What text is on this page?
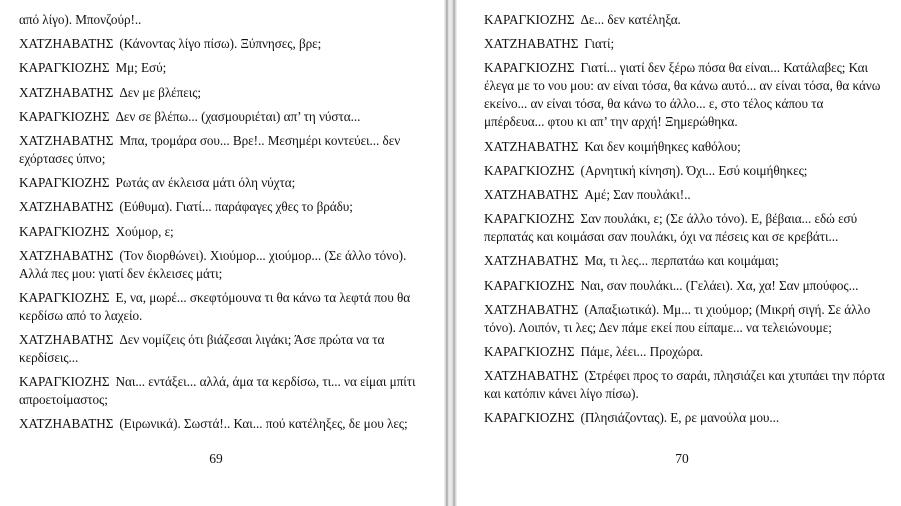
από λίγο). Μπονζούρ!..

ΧΑΤΖΗΑΒΑΤΗΣ (Κάνοντας λίγο πίσω). Ξύπνησες, βρε;

ΚΑΡΑΓΚΙΟΖΗΣ Μμ; Εσύ;

ΧΑΤΖΗΑΒΑΤΗΣ Δεν με βλέπεις;

ΚΑΡΑΓΚΙΟΖΗΣ Δεν σε βλέπω... (χασμουριέται) απ’ τη νύστα...

ΧΑΤΖΗΑΒΑΤΗΣ Μπα, τρομάρα σου... Βρε!.. Μεσημέρι κοντεύει... δεν εχόρτασες ύπνο;

ΚΑΡΑΓΚΙΟΖΗΣ Ρωτάς αν έκλεισα μάτι όλη νύχτα;

ΧΑΤΖΗΑΒΑΤΗΣ (Εύθυμα). Γιατί... παράφαγες χθες το βράδυ;

ΚΑΡΑΓΚΙΟΖΗΣ Χούμορ, ε;

ΧΑΤΖΗΑΒΑΤΗΣ (Τον διορθώνει). Χιούμορ... χιούμορ... (Σε άλλο τόνο). Αλλά πες μου: γιατί δεν έκλεισες μάτι;

ΚΑΡΑΓΚΙΟΖΗΣ Ε, να, μωρέ... σκεφτόμουνα τι θα κάνω τα λεφτά που θα κερδίσω από το λαχείο.

ΧΑΤΖΗΑΒΑΤΗΣ Δεν νομίζεις ότι βιάζεσαι λιγάκι; Άσε πρώτα να τα κερδίσεις...

ΚΑΡΑΓΚΙΟΖΗΣ Ναι... εντάξει... αλλά, άμα τα κερδίσω, τι... να είμαι μπίτι απροετοίμαστος;

ΧΑΤΖΗΑΒΑΤΗΣ (Ειρωνικά). Σωστά!.. Και... πού κατέληξες, δε μου λες;

69

ΚΑΡΑΓΚΙΟΖΗΣ Δε... δεν κατέληξα.

ΧΑΤΖΗΑΒΑΤΗΣ Γιατί;

ΚΑΡΑΓΚΙΟΖΗΣ Γιατί... γιατί δεν ξέρω πόσα θα είναι... Κατάλαβες; Και έλεγα με το νου μου: αν είναι τόσα, θα κάνω αυτό... αν είναι τόσα, θα κάνω εκείνο... αν είναι τόσα, θα κάνω το άλλο... ε, στο τέλος κάπου τα μπέρδευα... φτου κι απ’ την αρχή! Ξημερώθηκα.

ΧΑΤΖΗΑΒΑΤΗΣ Και δεν κοιμήθηκες καθόλου;

ΚΑΡΑΓΚΙΟΖΗΣ (Αρνητική κίνηση). Όχι... Εσύ κοιμήθηκες;

ΧΑΤΖΗΑΒΑΤΗΣ Αμέ; Σαν πουλάκι!..

ΚΑΡΑΓΚΙΟΖΗΣ Σαν πουλάκι, ε; (Σε άλλο τόνο). Ε, βέβαια... εδώ εσύ περπατάς και κοιμάσαι σαν πουλάκι, όχι να πέσεις και σε κρεβάτι...

ΧΑΤΖΗΑΒΑΤΗΣ Μα, τι λες... περπατάω και κοιμάμαι;

ΚΑΡΑΓΚΙΟΖΗΣ Ναι, σαν πουλάκι... (Γελάει). Χα, χα! Σαν μπούφος...

ΧΑΤΖΗΑΒΑΤΗΣ (Απαξιωτικά). Μμ... τι χιούμορ; (Μικρή σιγή. Σε άλλο τόνο). Λοιπόν, τι λες; Δεν πάμε εκεί που είπαμε... να τελειώνουμε;

ΚΑΡΑΓΚΙΟΖΗΣ Πάμε, λέει... Προχώρα.

ΧΑΤΖΗΑΒΑΤΗΣ (Στρέφει προς το σαράι, πλησιάζει και χτυπάει την πόρτα και κατόπιν κάνει λίγο πίσω).

ΚΑΡΑΓΚΙΟΖΗΣ (Πλησιάζοντας). Ε, ρε μανούλα μου...

70
